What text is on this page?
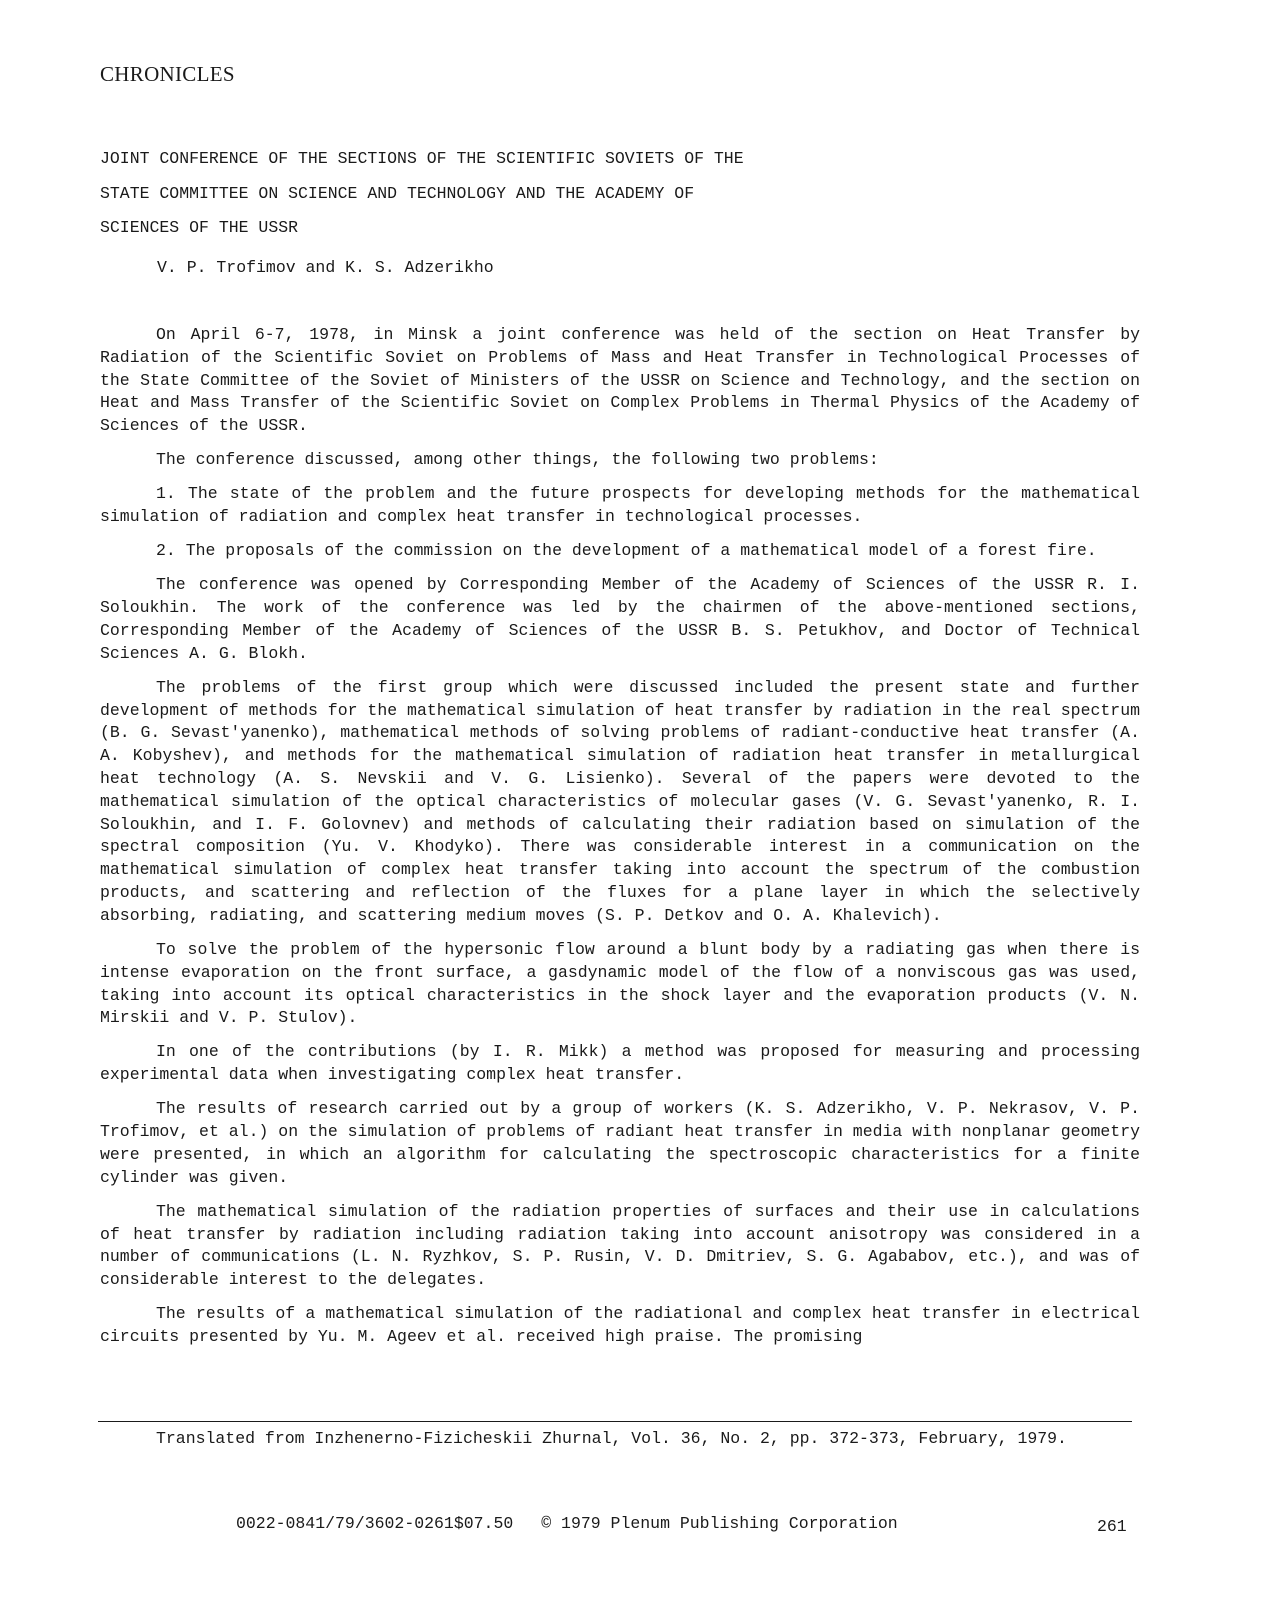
CHRONICLES
JOINT CONFERENCE OF THE SECTIONS OF THE SCIENTIFIC SOVIETS OF THE
STATE COMMITTEE ON SCIENCE AND TECHNOLOGY AND THE ACADEMY OF
SCIENCES OF THE USSR

V. P. Trofimov and K. S. Adzerikho

On April 6-7, 1978, in Minsk a joint conference was held of the section on Heat Transfer by Radiation of the Scientific Soviet on Problems of Mass and Heat Transfer in Technological Processes of the State Committee of the Soviet of Ministers of the USSR on Science and Technology, and the section on Heat and Mass Transfer of the Scientific Soviet on Complex Problems in Thermal Physics of the Academy of Sciences of the USSR.

The conference discussed, among other things, the following two problems:

1. The state of the problem and the future prospects for developing methods for the mathematical simulation of radiation and complex heat transfer in technological processes.

2. The proposals of the commission on the development of a mathematical model of a forest fire.

The conference was opened by Corresponding Member of the Academy of Sciences of the USSR R. I. Soloukhin. The work of the conference was led by the chairmen of the above-mentioned sections, Corresponding Member of the Academy of Sciences of the USSR B. S. Petukhov, and Doctor of Technical Sciences A. G. Blokh.

The problems of the first group which were discussed included the present state and further development of methods for the mathematical simulation of heat transfer by radiation in the real spectrum (B. G. Sevast'yanenko), mathematical methods of solving problems of radiant-conductive heat transfer (A. A. Kobyshev), and methods for the mathematical simulation of radiation heat transfer in metallurgical heat technology (A. S. Nevskii and V. G. Lisienko). Several of the papers were devoted to the mathematical simulation of the optical characteristics of molecular gases (V. G. Sevast'yanenko, R. I. Soloukhin, and I. F. Golovnev) and methods of calculating their radiation based on simulation of the spectral composition (Yu. V. Khodyko). There was considerable interest in a communication on the mathematical simulation of complex heat transfer taking into account the spectrum of the combustion products, and scattering and reflection of the fluxes for a plane layer in which the selectively absorbing, radiating, and scattering medium moves (S. P. Detkov and O. A. Khalevich).

To solve the problem of the hypersonic flow around a blunt body by a radiating gas when there is intense evaporation on the front surface, a gasdynamic model of the flow of a nonviscous gas was used, taking into account its optical characteristics in the shock layer and the evaporation products (V. N. Mirskii and V. P. Stulov).

In one of the contributions (by I. R. Mikk) a method was proposed for measuring and processing experimental data when investigating complex heat transfer.

The results of research carried out by a group of workers (K. S. Adzerikho, V. P. Nekrasov, V. P. Trofimov, et al.) on the simulation of problems of radiant heat transfer in media with nonplanar geometry were presented, in which an algorithm for calculating the spectroscopic characteristics for a finite cylinder was given.

The mathematical simulation of the radiation properties of surfaces and their use in calculations of heat transfer by radiation including radiation taking into account anisotropy was considered in a number of communications (L. N. Ryzhkov, S. P. Rusin, V. D. Dmitriev, S. G. Agababov, etc.), and was of considerable interest to the delegates.

The results of a mathematical simulation of the radiational and complex heat transfer in electrical circuits presented by Yu. M. Ageev et al. received high praise. The promising

Translated from Inzhenerno-Fizicheskii Zhurnal, Vol. 36, No. 2, pp. 372-373, February, 1979.

0022-0841/79/3602-0261$07.50 © 1979 Plenum Publishing Corporation	261
